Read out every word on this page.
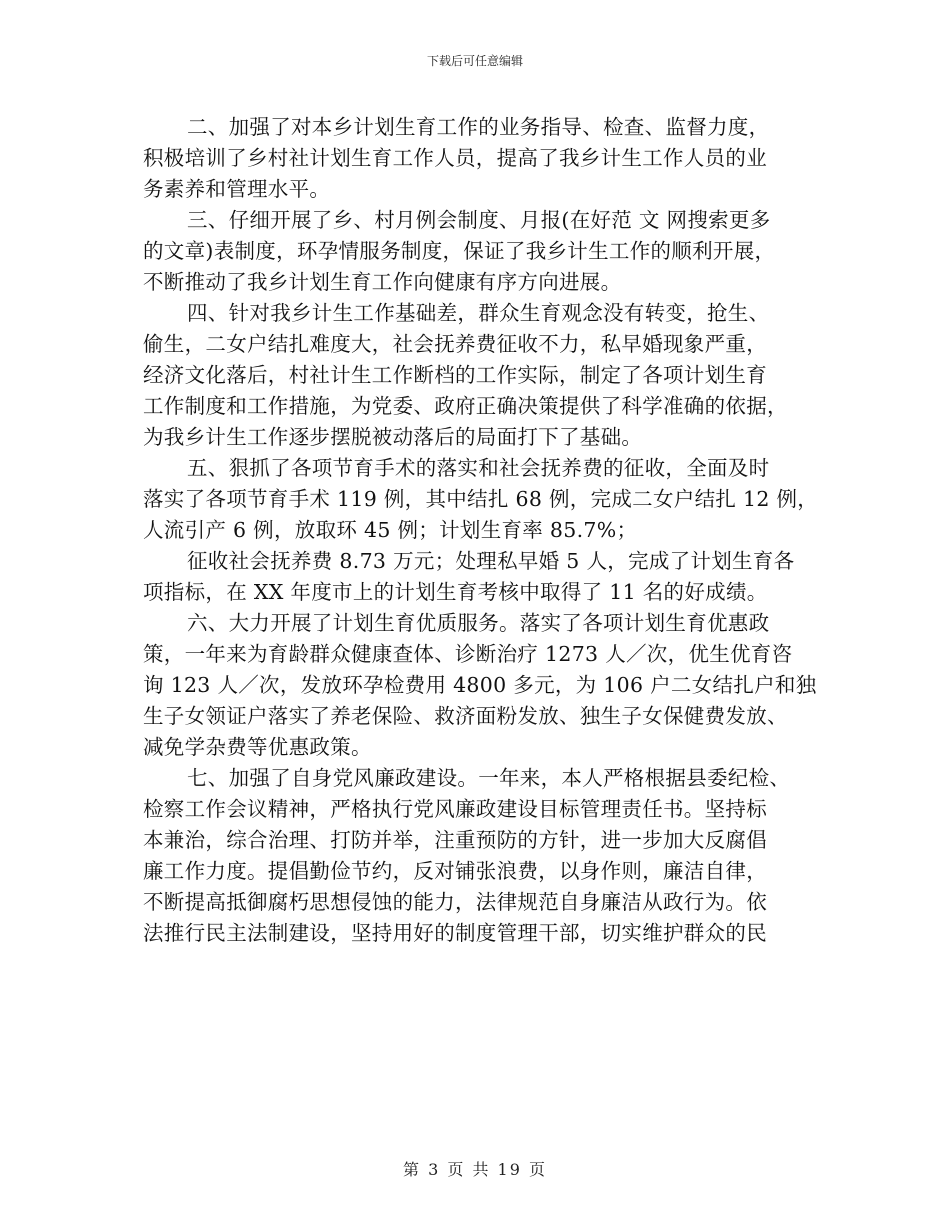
下载后可任意编辑
二、加强了对本乡计划生育工作的业务指导、检查、监督力度，
积极培训了乡村社计划生育工作人员，提高了我乡计生工作人员的业
务素养和管理水平。
三、仔细开展了乡、村月例会制度、月报(在好范 文 网搜索更多
的文章)表制度，环孕情服务制度，保证了我乡计生工作的顺利开展，
不断推动了我乡计划生育工作向健康有序方向进展。
四、针对我乡计生工作基础差，群众生育观念没有转变，抢生、
偷生，二女户结扎难度大，社会抚养费征收不力，私早婚现象严重，
经济文化落后，村社计生工作断档的工作实际，制定了各项计划生育
工作制度和工作措施，为党委、政府正确决策提供了科学准确的依据，
为我乡计生工作逐步摆脱被动落后的局面打下了基础。
五、狠抓了各项节育手术的落实和社会抚养费的征收，全面及时
落实了各项节育手术 119 例，其中结扎 68 例，完成二女户结扎 12 例，
人流引产 6 例，放取环 45 例；计划生育率 85.7%；
征收社会抚养费 8.73 万元；处理私早婚 5 人，完成了计划生育各
项指标，在 XX 年度市上的计划生育考核中取得了 11 名的好成绩。
六、大力开展了计划生育优质服务。落实了各项计划生育优惠政
策，一年来为育龄群众健康查体、诊断治疗 1273 人／次，优生优育咨
询 123 人／次，发放环孕检费用 4800 多元，为 106 户二女结扎户和独
生子女领证户落实了养老保险、救济面粉发放、独生子女保健费发放、
减免学杂费等优惠政策。
七、加强了自身党风廉政建设。一年来，本人严格根据县委纪检、
检察工作会议精神，严格执行党风廉政建设目标管理责任书。坚持标
本兼治，综合治理、打防并举，注重预防的方针，进一步加大反腐倡
廉工作力度。提倡勤俭节约，反对铺张浪费，以身作则，廉洁自律，
不断提高抵御腐朽思想侵蚀的能力，法律规范自身廉洁从政行为。依
法推行民主法制建设，坚持用好的制度管理干部，切实维护群众的民
第 3 页 共 19 页
